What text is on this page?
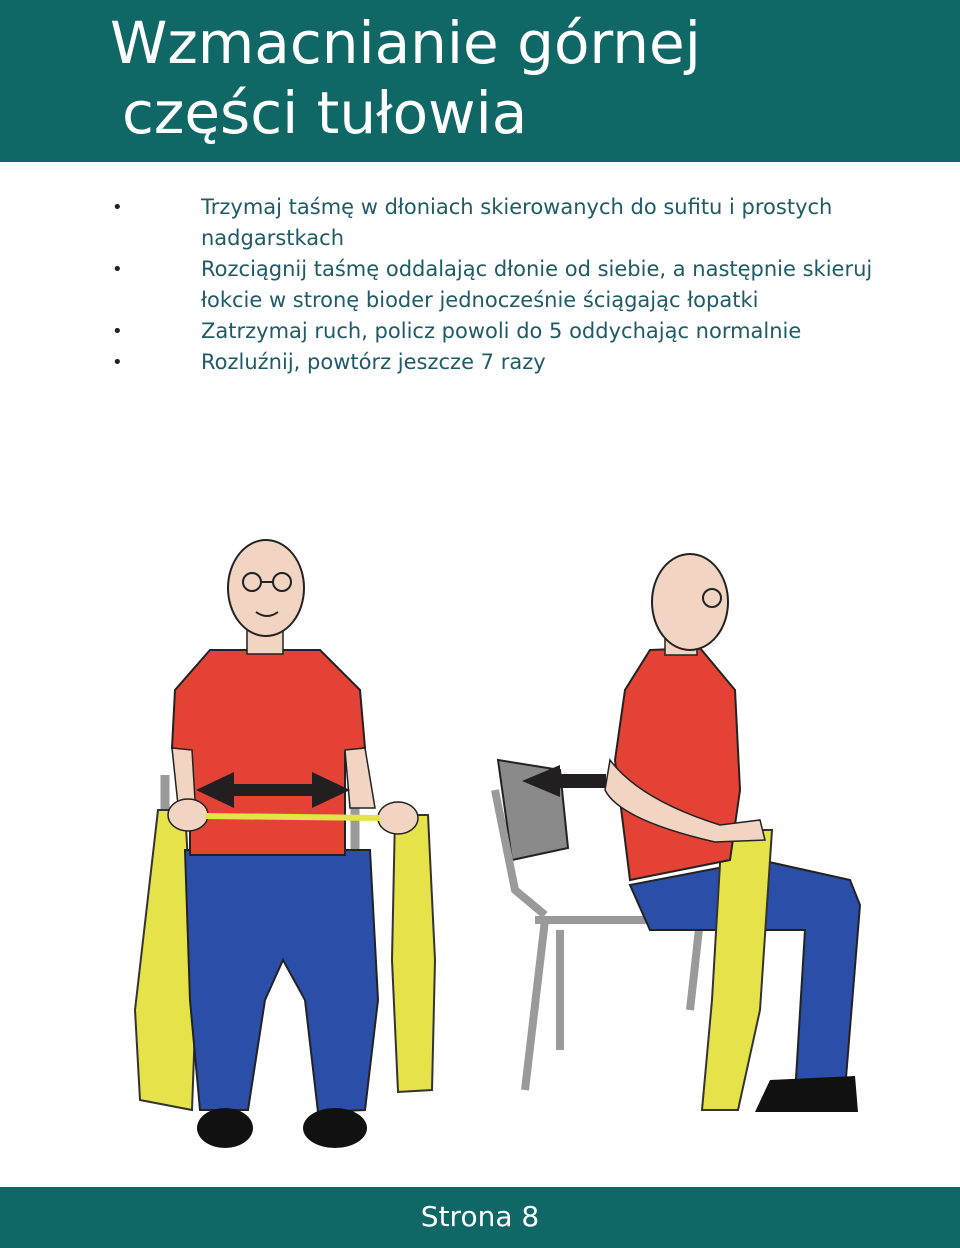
Wzmacnianie górnej
części tułowia
•	Trzymaj taśmę w dłoniach skierowanych do sufitu i prostych nadgarstkach
•	Rozciągnij taśmę oddalając dłonie od siebie, a następnie skieruj łokcie w stronę bioder jednocześnie ściągając łopatki
•	Zatrzymaj ruch, policz powoli do 5 oddychając normalnie
•	Rozluźnij, powtórz jeszcze 7 razy
Strona 8
